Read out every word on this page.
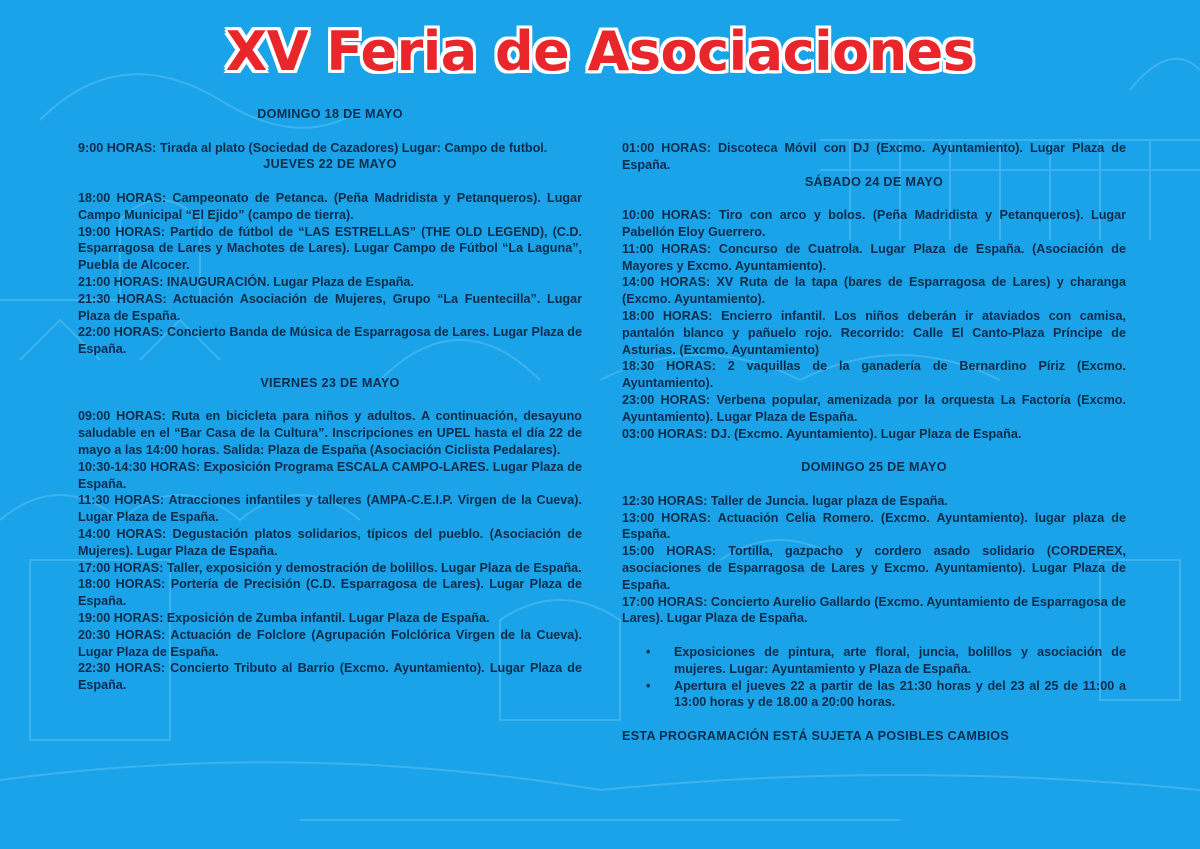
XV Feria de Asociaciones
DOMINGO 18 DE MAYO

9:00 HORAS: Tirada al plato (Sociedad de Cazadores) Lugar: Campo de futbol.

JUEVES 22 DE MAYO

18:00 HORAS: Campeonato de Petanca. (Peña Madridista y Petanqueros). Lugar Campo Municipal “El Ejido” (campo de tierra).

19:00 HORAS: Partido de fútbol de “LAS ESTRELLAS” (THE OLD LEGEND), (C.D. Esparragosa de Lares y Machotes de Lares). Lugar Campo de Fútbol “La Laguna”, Puebla de Alcocer.

21:00 HORAS: INAUGURACIÓN. Lugar Plaza de España.

21:30 HORAS: Actuación Asociación de Mujeres, Grupo “La Fuentecilla”. Lugar Plaza de España.

22:00 HORAS: Concierto Banda de Música de Esparragosa de Lares. Lugar Plaza de España.

VIERNES 23 DE MAYO

09:00 HORAS: Ruta en bicicleta para niños y adultos. A continuación, desayuno saludable en el “Bar Casa de la Cultura”. Inscripciones en UPEL hasta el día 22 de mayo a las 14:00 horas. Salida: Plaza de España (Asociación Ciclista Pedalares).

10:30-14:30 HORAS: Exposición Programa ESCALA CAMPO-LARES. Lugar Plaza de España.

11:30 HORAS: Atracciones infantiles y talleres (AMPA-C.E.I.P. Virgen de la Cueva). Lugar Plaza de España.

14:00 HORAS: Degustación platos solidarios, típicos del pueblo. (Asociación de Mujeres). Lugar Plaza de España.

17:00 HORAS: Taller, exposición y demostración de bolillos. Lugar Plaza de España.

18:00 HORAS: Portería de Precisión (C.D. Esparragosa de Lares). Lugar Plaza de España.

19:00 HORAS: Exposición de Zumba infantil. Lugar Plaza de España.

20:30 HORAS: Actuación de Folclore (Agrupación Folclórica Virgen de la Cueva). Lugar Plaza de España.

22:30 HORAS: Concierto Tributo al Barrio (Excmo. Ayuntamiento). Lugar Plaza de España.

01:00 HORAS: Discoteca Móvil con DJ (Excmo. Ayuntamiento). Lugar Plaza de España.

SÁBADO 24 DE MAYO

10:00 HORAS: Tiro con arco y bolos. (Peña Madridista y Petanqueros). Lugar Pabellón Eloy Guerrero.

11:00 HORAS: Concurso de Cuatrola. Lugar Plaza de España. (Asociación de Mayores y Excmo. Ayuntamiento).

14:00 HORAS: XV Ruta de la tapa (bares de Esparragosa de Lares) y charanga (Excmo. Ayuntamiento).

18:00 HORAS: Encierro infantil. Los niños deberán ir ataviados con camisa, pantalón blanco y pañuelo rojo. Recorrido: Calle El Canto-Plaza Príncipe de Asturias. (Excmo. Ayuntamiento)

18:30 HORAS: 2 vaquillas de la ganadería de Bernardino Píriz (Excmo. Ayuntamiento).

23:00 HORAS: Verbena popular, amenizada por la orquesta La Factoría (Excmo. Ayuntamiento). Lugar Plaza de España.

03:00 HORAS: DJ. (Excmo. Ayuntamiento). Lugar Plaza de España.

DOMINGO 25 DE MAYO

12:30 HORAS: Taller de Juncia. lugar plaza de España.

13:00 HORAS: Actuación Celia Romero. (Excmo. Ayuntamiento). lugar plaza de España.

15:00 HORAS: Tortilla, gazpacho y cordero asado solidario (CORDEREX, asociaciones de Esparragosa de Lares y Excmo. Ayuntamiento). Lugar Plaza de España.

17:00 HORAS: Concierto Aurelio Gallardo (Excmo. Ayuntamiento de Esparragosa de Lares). Lugar Plaza de España.

• Exposiciones de pintura, arte floral, juncia, bolillos y asociación de mujeres. Lugar: Ayuntamiento y Plaza de España.
• Apertura el jueves 22 a partir de las 21:30 horas y del 23 al 25 de 11:00 a 13:00 horas y de 18.00 a 20:00 horas.

ESTA PROGRAMACIÓN ESTÁ SUJETA A POSIBLES CAMBIOS
